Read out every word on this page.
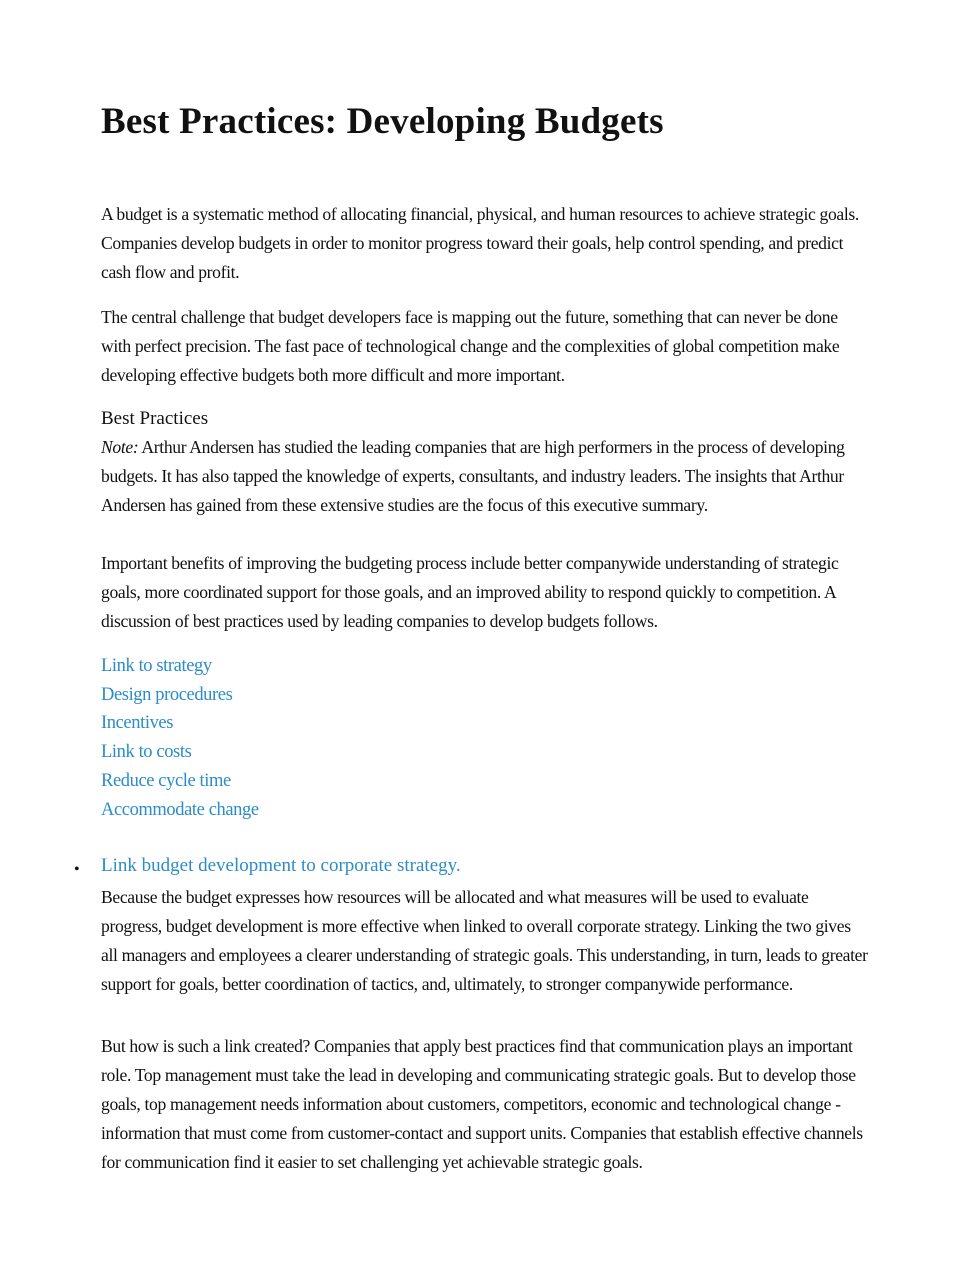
Best Practices: Developing Budgets

A budget is a systematic method of allocating financial, physical, and human resources to achieve strategic goals. Companies develop budgets in order to monitor progress toward their goals, help control spending, and predict cash flow and profit.

The central challenge that budget developers face is mapping out the future, something that can never be done with perfect precision. The fast pace of technological change and the complexities of global competition make developing effective budgets both more difficult and more important.

Best Practices

Note: Arthur Andersen has studied the leading companies that are high performers in the process of developing budgets. It has also tapped the knowledge of experts, consultants, and industry leaders. The insights that Arthur Andersen has gained from these extensive studies are the focus of this executive summary.

Important benefits of improving the budgeting process include better companywide understanding of strategic goals, more coordinated support for those goals, and an improved ability to respond quickly to competition. A discussion of best practices used by leading companies to develop budgets follows.

Link to strategy
Design procedures
Incentives
Link to costs
Reduce cycle time
Accommodate change
• Link budget development to corporate strategy.

Because the budget expresses how resources will be allocated and what measures will be used to evaluate progress, budget development is more effective when linked to overall corporate strategy. Linking the two gives all managers and employees a clearer understanding of strategic goals. This understanding, in turn, leads to greater support for goals, better coordination of tactics, and, ultimately, to stronger companywide performance.

But how is such a link created? Companies that apply best practices find that communication plays an important role. Top management must take the lead in developing and communicating strategic goals. But to develop those goals, top management needs information about customers, competitors, economic and technological change - information that must come from customer-contact and support units. Companies that establish effective channels for communication find it easier to set challenging yet achievable strategic goals.
